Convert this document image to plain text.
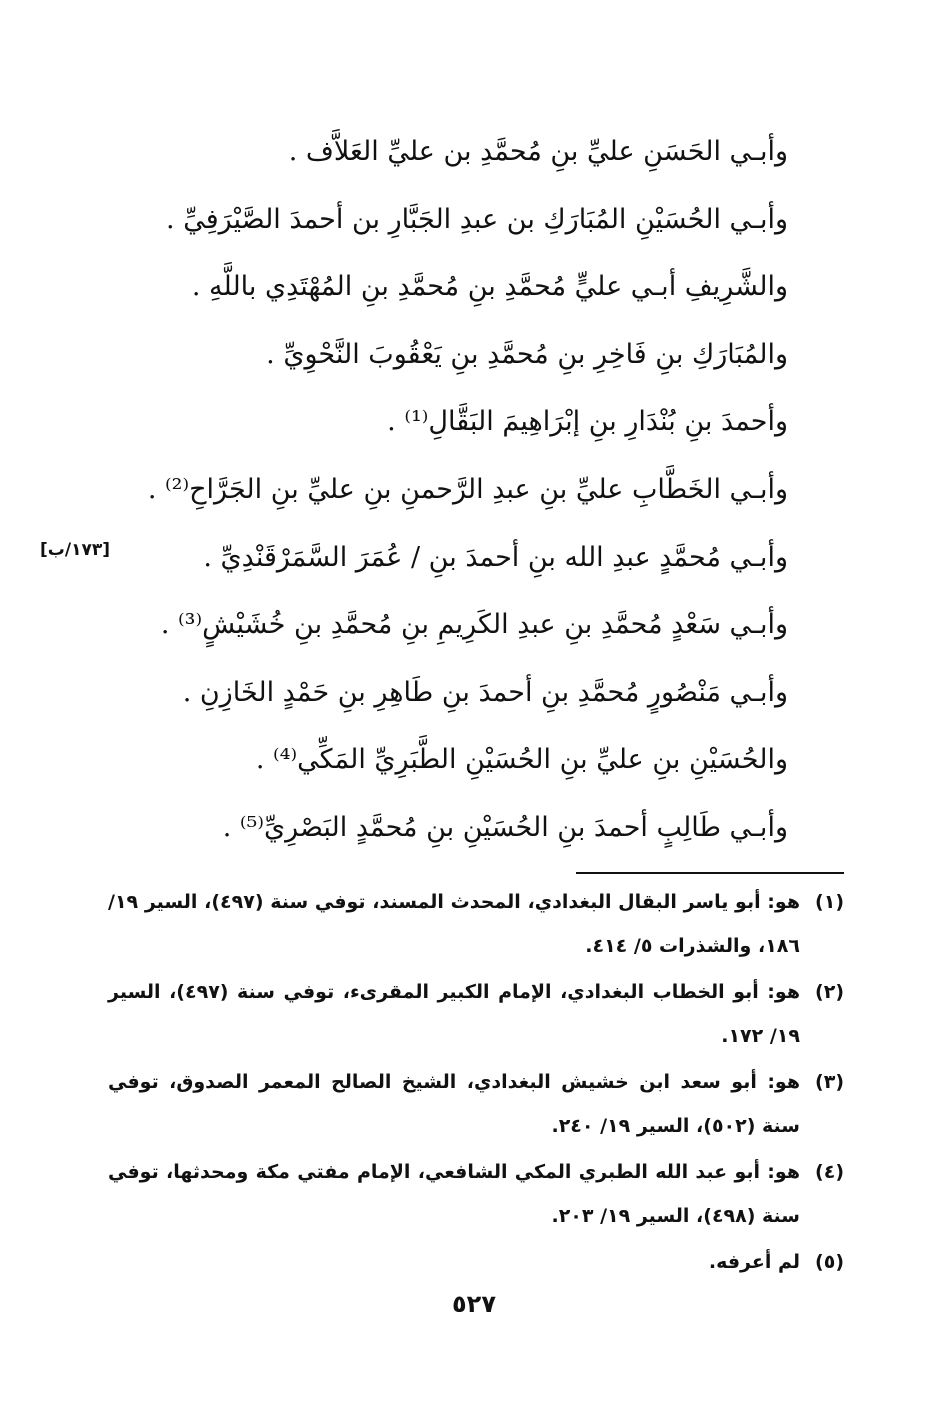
وأبـي الحَسَنِ عليِّ بنِ مُحمَّدِ بن عليِّ العَلاَّف .
وأبـي الحُسَيْنِ المُبَارَكِ بن عبدِ الجَبَّارِ بن أحمدَ الصَّيْرَفِيِّ .
والشَّرِيفِ أبـي عليٍّ مُحمَّدِ بنِ مُحمَّدِ بنِ المُهْتَدِي باللَّهِ .
والمُبَارَكِ بنِ فَاخِرِ بنِ مُحمَّدِ بنِ يَعْقُوبَ النَّحْوِيِّ .
وأحمدَ بنِ بُنْدَارِ بنِ إبْرَاهِيمَ البَقَّالِ⁽¹⁾ .
وأبـي الخَطَّابِ عليِّ بنِ عبدِ الرَّحمنِ بنِ عليِّ بنِ الجَرَّاحِ⁽²⁾ .
وأبـي مُحمَّدٍ عبدِ الله بنِ أحمدَ بنِ / عُمَرَ السَّمَرْقَنْدِيِّ .
وأبـي سَعْدٍ مُحمَّدِ بنِ عبدِ الكَرِيمِ بنِ مُحمَّدِ بنِ خُشَيْشٍ⁽³⁾ .
وأبـي مَنْصُورٍ مُحمَّدِ بنِ أحمدَ بنِ طَاهِرِ بنِ حَمْدٍ الخَازِنِ .
والحُسَيْنِ بنِ عليِّ بنِ الحُسَيْنِ الطَّبَرِيِّ المَكِّي⁽⁴⁾ .
وأبـي طَالِبٍ أحمدَ بنِ الحُسَيْنِ بنِ مُحمَّدٍ البَصْرِيِّ⁽⁵⁾ .
[١٧٣/ب]
(١)
هو: أبو ياسر البقال البغدادي، المحدث المسند، توفي سنة (٤٩٧)، السير ١٩/ ١٨٦، والشذرات ٥/ ٤١٤.
(٢)
هو: أبو الخطاب البغدادي، الإمام الكبير المقرىء، توفي سنة (٤٩٧)، السير ١٩/ ١٧٢.
(٣)
هو: أبو سعد ابن خشيش البغدادي، الشيخ الصالح المعمر الصدوق، توفي سنة (٥٠٢)، السير ١٩/ ٢٤٠.
(٤)
هو: أبو عبد الله الطبري المكي الشافعي، الإمام مفتي مكة ومحدثها، توفي سنة (٤٩٨)، السير ١٩/ ٢٠٣.
(٥)
لم أعرفه.
٥٢٧
